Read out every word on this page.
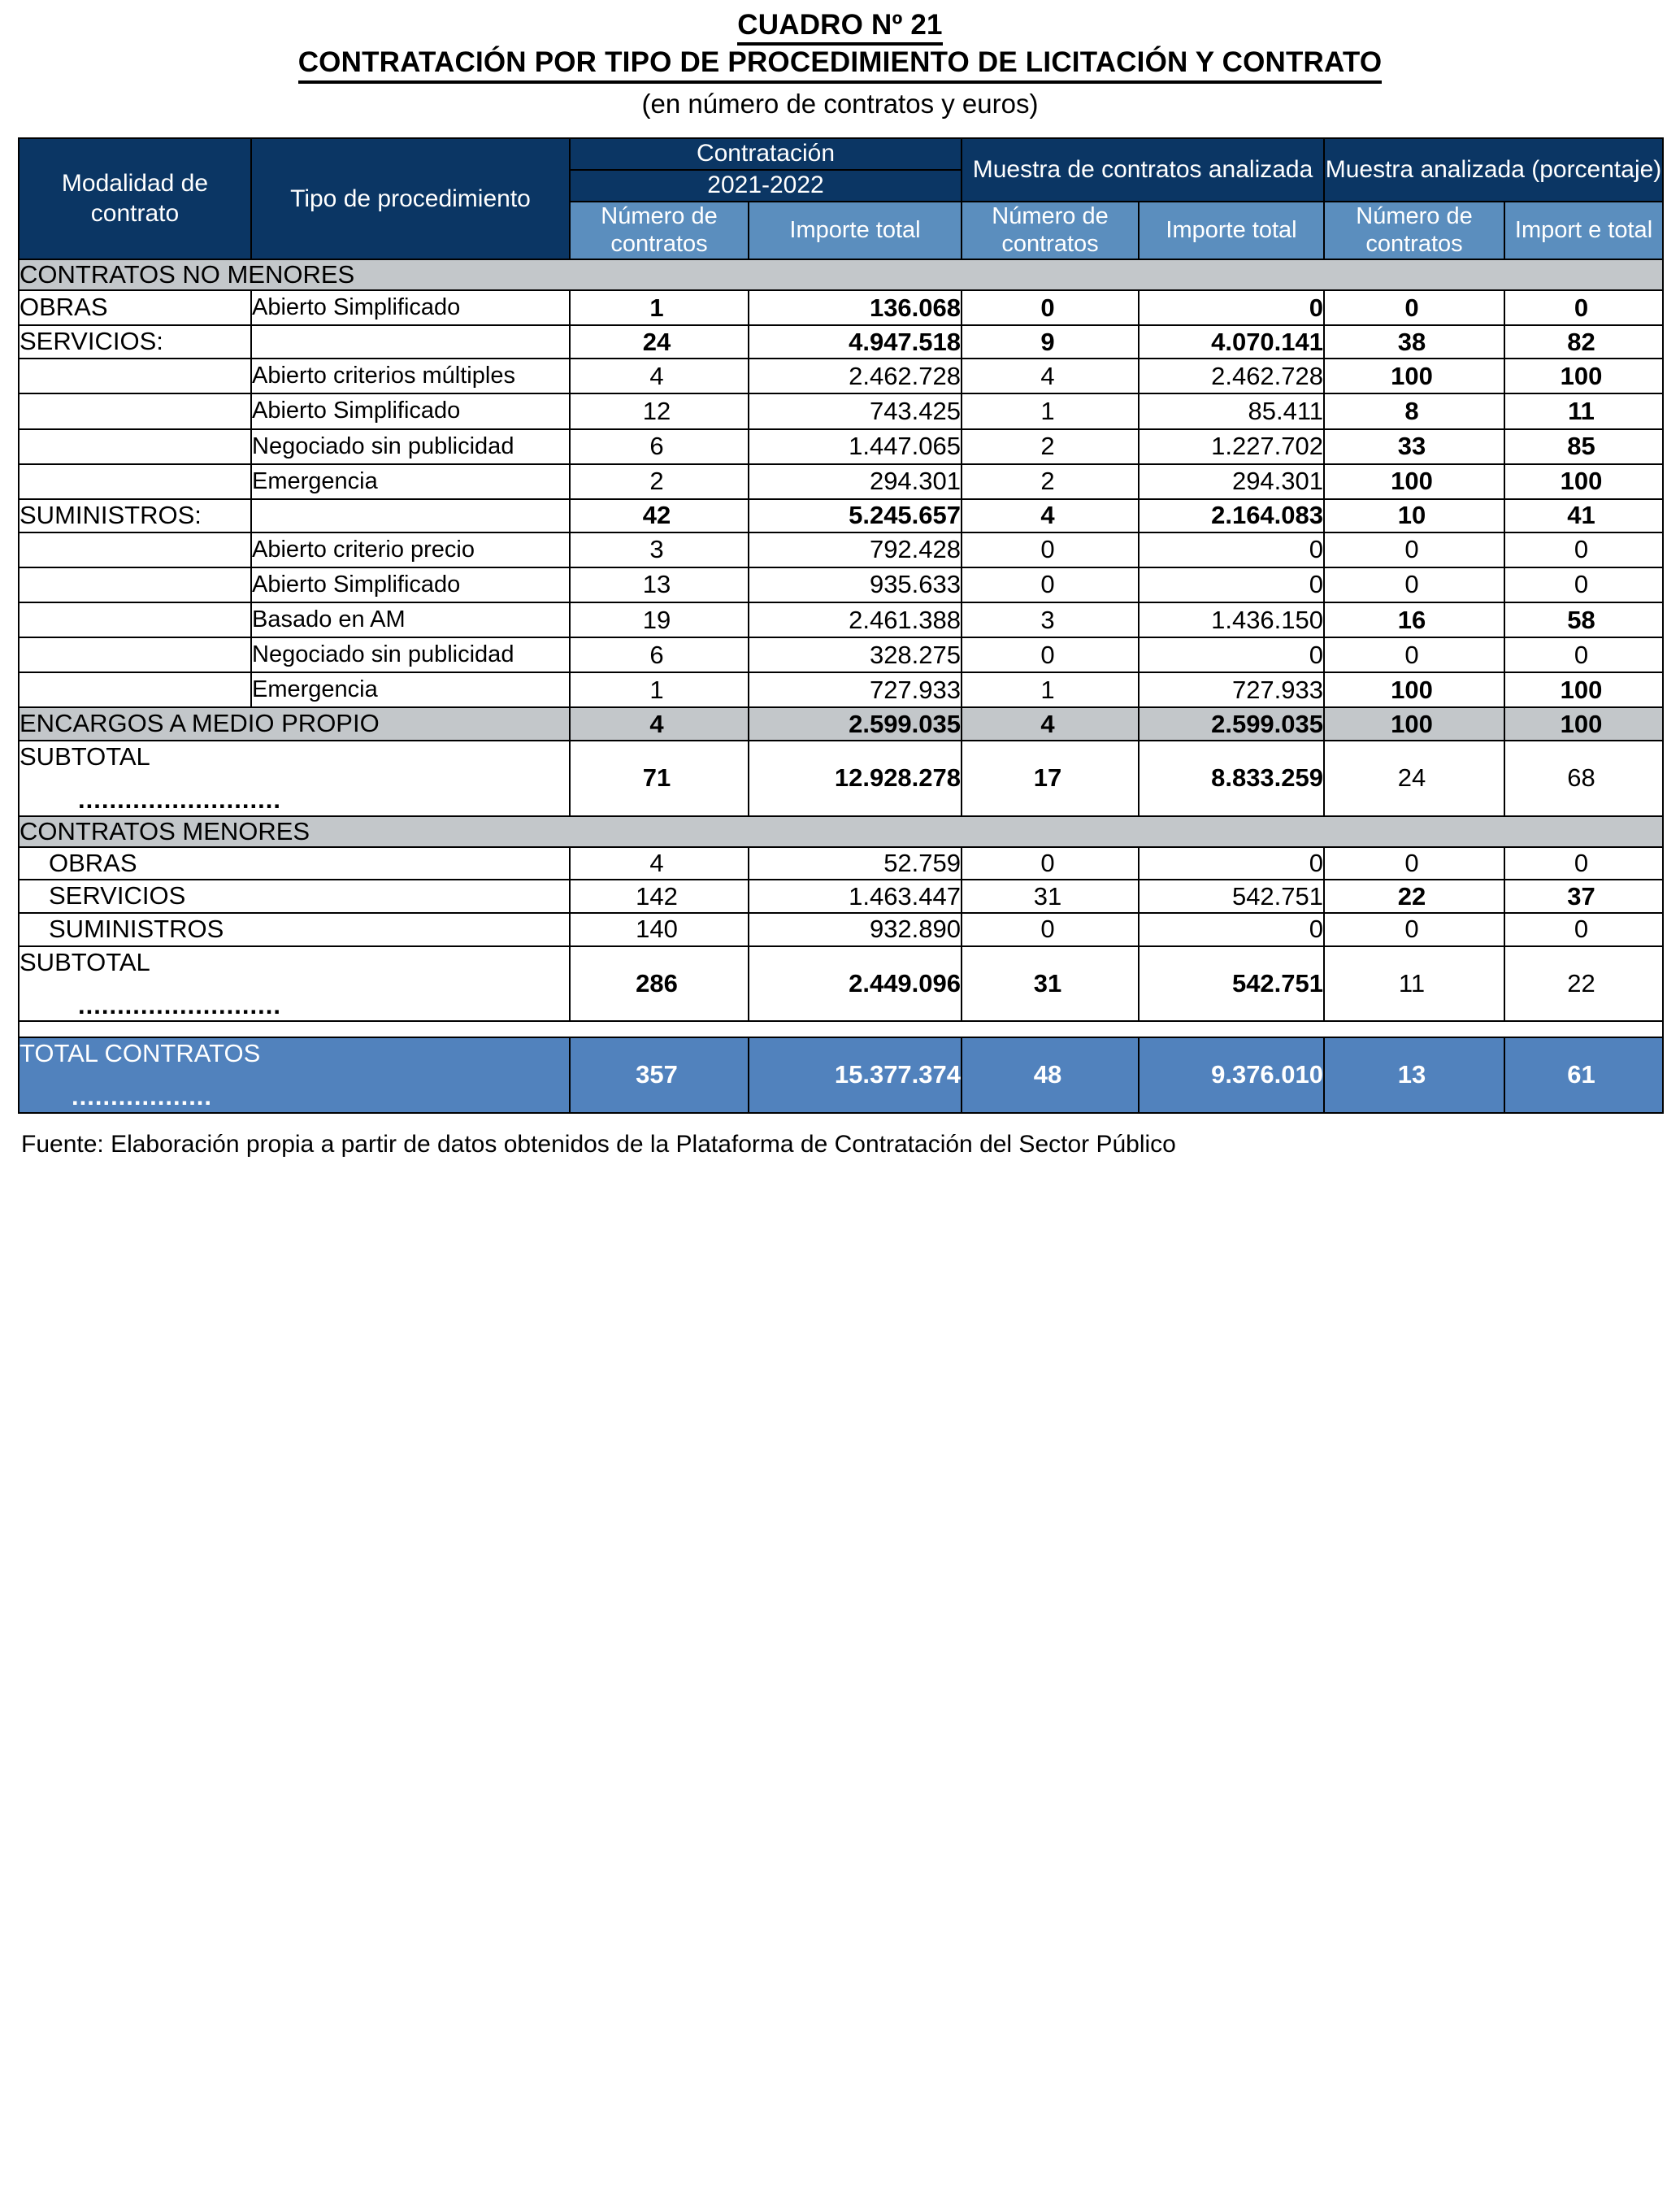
CUADRO Nº 21
CONTRATACIÓN POR TIPO DE PROCEDIMIENTO DE LICITACIÓN Y CONTRATO
(en número de contratos y euros)
Modalidad de contrato	Tipo de procedimiento	Contratación		Muestra de contratos analizada		Muestra analizada (porcentaje)	
		2021-2022					
		Número de contratos	Importe total	Número de contratos	Importe total	Número de contratos	Import e total
CONTRATOS NO MENORES							
OBRAS	Abierto Simplificado	1	136.068	0	0	0	0
SERVICIOS:		24	4.947.518	9	4.070.141	38	82
	Abierto criterios múltiples	4	2.462.728	4	2.462.728	100	100
	Abierto Simplificado	12	743.425	1	85.411	8	11
	Negociado sin publicidad	6	1.447.065	2	1.227.702	33	85
	Emergencia	2	294.301	2	294.301	100	100
SUMINISTROS:		42	5.245.657	4	2.164.083	10	41
	Abierto criterio precio	3	792.428	0	0	0	0
	Abierto Simplificado	13	935.633	0	0	0	0
	Basado en AM	19	2.461.388	3	1.436.150	16	58
	Negociado sin publicidad	6	328.275	0	0	0	0
	Emergencia	1	727.933	1	727.933	100	100
ENCARGOS A MEDIO PROPIO		4	2.599.035	4	2.599.035	100	100
SUBTOTAL
..........................		71	12.928.278	17	8.833.259	24	68
CONTRATOS MENORES							
OBRAS		4	52.759	0	0	0	0
SERVICIOS		142	1.463.447	31	542.751	22	37
SUMINISTROS		140	932.890	0	0	0	0
SUBTOTAL
..........................		286	2.449.096	31	542.751	11	22

TOTAL CONTRATOS
..................		357	15.377.374	48	9.376.010	13	61
Fuente: Elaboración propia a partir de datos obtenidos de la Plataforma de Contratación del Sector Público
